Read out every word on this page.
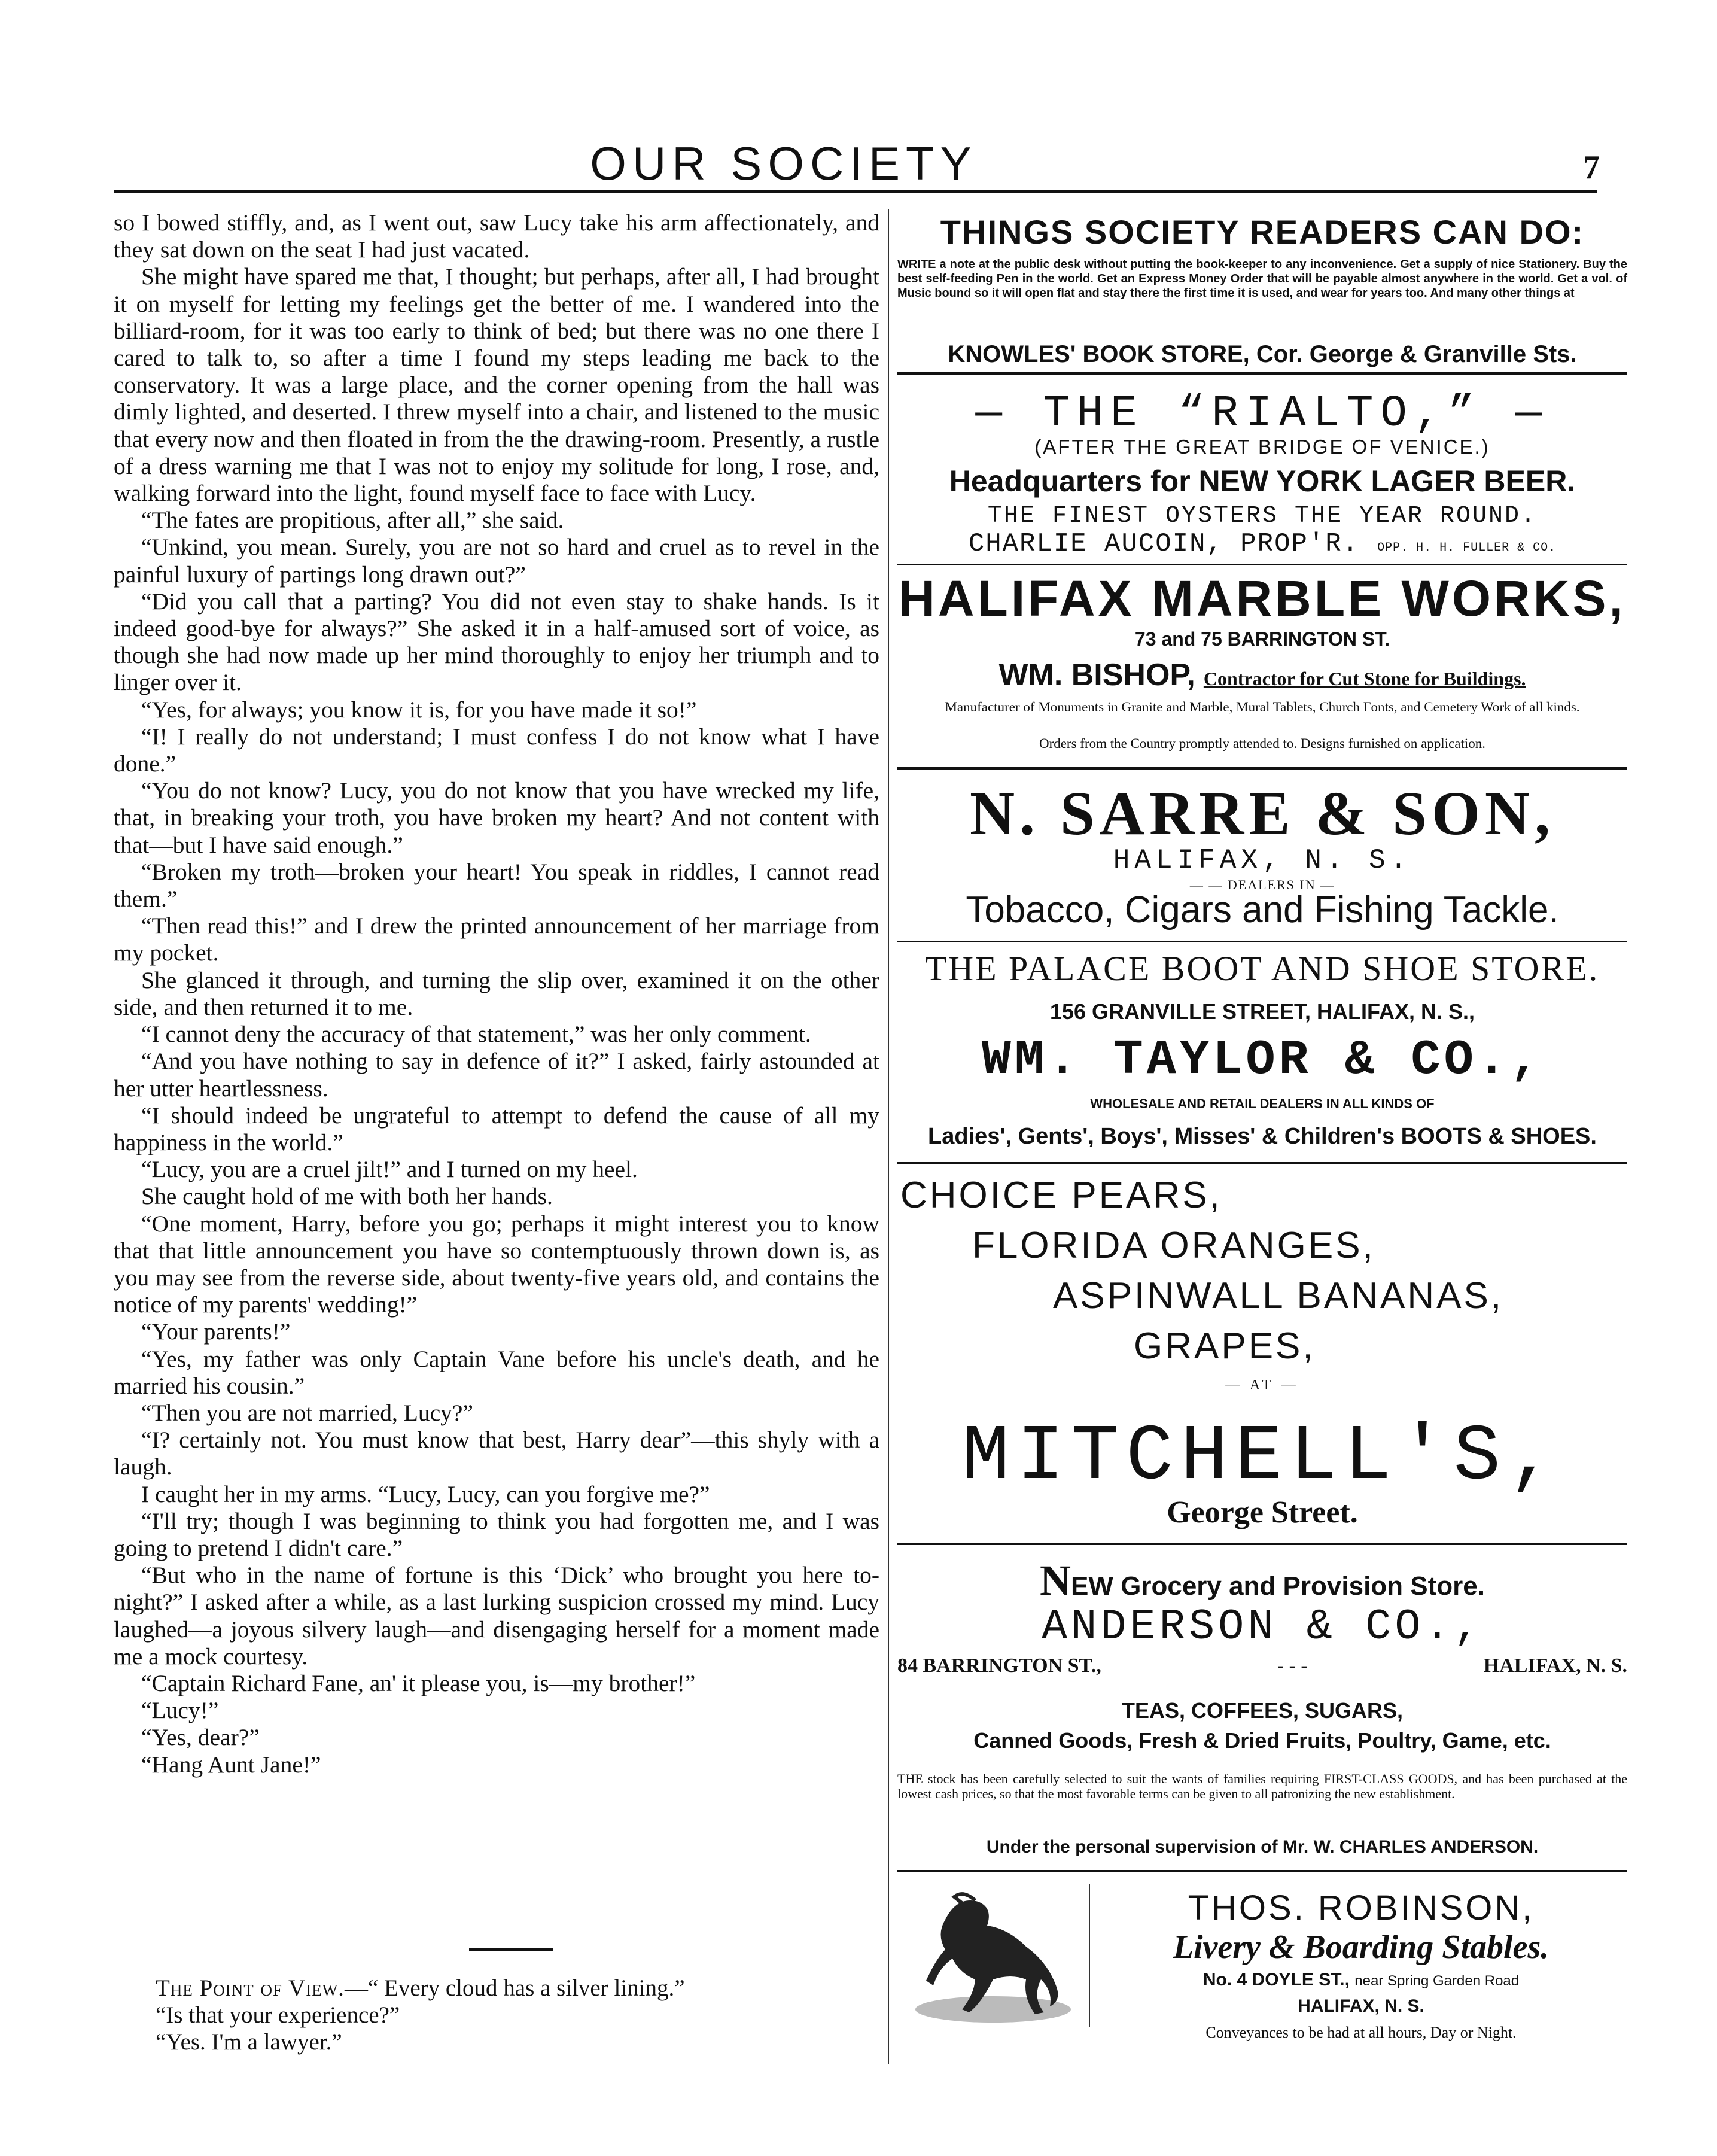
OUR SOCIETY	7

so I bowed stiffly, and, as I went out, saw Lucy take his arm affectionately, and they sat down on the seat I had just vacated.

She might have spared me that, I thought; but perhaps, after all, I had brought it on myself for letting my feelings get the better of me. I wandered into the billiard-room, for it was too early to think of bed; but there was no one there I cared to talk to, so after a time I found my steps leading me back to the conservatory. It was a large place, and the corner opening from the hall was dimly lighted, and deserted. I threw myself into a chair, and listened to the music that every now and then floated in from the the drawing-room. Presently, a rustle of a dress warning me that I was not to enjoy my solitude for long, I rose, and, walking forward into the light, found myself face to face with Lucy.

“The fates are propitious, after all,” she said.

“Unkind, you mean. Surely, you are not so hard and cruel as to revel in the painful luxury of partings long drawn out?”

“Did you call that a parting? You did not even stay to shake hands. Is it indeed good-bye for always?” She asked it in a half-amused sort of voice, as though she had now made up her mind thoroughly to enjoy her triumph and to linger over it.

“Yes, for always; you know it is, for you have made it so!”

“I! I really do not understand; I must confess I do not know what I have done.”

“You do not know? Lucy, you do not know that you have wrecked my life, that, in breaking your troth, you have broken my heart? And not content with that—but I have said enough.”

“Broken my troth—broken your heart! You speak in riddles, I cannot read them.”

“Then read this!” and I drew the printed announcement of her marriage from my pocket.

She glanced it through, and turning the slip over, examined it on the other side, and then returned it to me.

“I cannot deny the accuracy of that statement,” was her only comment.

“And you have nothing to say in defence of it?” I asked, fairly astounded at her utter heartlessness.

“I should indeed be ungrateful to attempt to defend the cause of all my happiness in the world.”

“Lucy, you are a cruel jilt!” and I turned on my heel.

She caught hold of me with both her hands.

“One moment, Harry, before you go; perhaps it might interest you to know that that little announcement you have so contemptuously thrown down is, as you may see from the reverse side, about twenty-five years old, and contains the notice of my parents' wedding!”

“Your parents!”

“Yes, my father was only Captain Vane before his uncle's death, and he married his cousin.”

“Then you are not married, Lucy?”

“I? certainly not. You must know that best, Harry dear”—this shyly with a laugh.

I caught her in my arms. “Lucy, Lucy, can you forgive me?”

“I'll try; though I was beginning to think you had forgotten me, and I was going to pretend I didn't care.”

“But who in the name of fortune is this ‘Dick’ who brought you here to-night?” I asked after a while, as a last lurking suspicion crossed my mind. Lucy laughed—a joyous silvery laugh—and disengaging herself for a moment made me a mock courtesy.

“Captain Richard Fane, an' it please you, is—my brother!”

“Lucy!”

“Yes, dear?”

“Hang Aunt Jane!”

The Point of View.—“ Every cloud has a silver lining.”

“Is that your experience?”

“Yes. I'm a lawyer.”

THINGS SOCIETY READERS CAN DO:
WRITE a note at the public desk without putting the book-keeper to any inconvenience. Get a supply of nice Stationery. Buy the best self-feeding Pen in the world. Get an Express Money Order that will be payable almost anywhere in the world. Get a vol. of Music bound so it will open flat and stay there the first time it is used, and wear for years too. And many other things at
KNOWLES' BOOK STORE, Cor. George & Granville Sts.
— THE “RIALTO,” —
(AFTER THE GREAT BRIDGE OF VENICE.)
Headquarters for NEW YORK LAGER BEER.
THE FINEST OYSTERS THE YEAR ROUND.
CHARLIE AUCOIN, PROP'R. OPP. H. H. FULLER & CO.
HALIFAX MARBLE WORKS,
73 and 75 BARRINGTON ST.
WM. BISHOP, Contractor for Cut Stone for Buildings.
Manufacturer of Monuments in Granite and Marble, Mural Tablets, Church Fonts, and Cemetery Work of all kinds.
Orders from the Country promptly attended to. Designs furnished on application.
N. SARRE & SON,
HALIFAX, N. S.
— — DEALERS IN —
Tobacco, Cigars and Fishing Tackle.
THE PALACE BOOT AND SHOE STORE.
156 GRANVILLE STREET, HALIFAX, N. S.,
WM. TAYLOR & CO.,
WHOLESALE AND RETAIL DEALERS IN ALL KINDS OF
Ladies', Gents', Boys', Misses' & Children's BOOTS & SHOES.
CHOICE PEARS,
FLORIDA ORANGES,
ASPINWALL BANANAS,
GRAPES,
— AT —
MITCHELL'S,
George Street.
NEW Grocery and Provision Store.
ANDERSON & CO.,
84 BARRINGTON ST.,	- - -	HALIFAX, N. S.
TEAS, COFFEES, SUGARS,
Canned Goods, Fresh & Dried Fruits, Poultry, Game, etc.
THE stock has been carefully selected to suit the wants of families requiring FIRST-CLASS GOODS, and has been purchased at the lowest cash prices, so that the most favorable terms can be given to all patronizing the new establishment.
Under the personal supervision of Mr. W. CHARLES ANDERSON.
THOS. ROBINSON,
Livery & Boarding Stables.
No. 4 DOYLE ST., near Spring Garden Road
HALIFAX, N. S.
Conveyances to be had at all hours, Day or Night.
